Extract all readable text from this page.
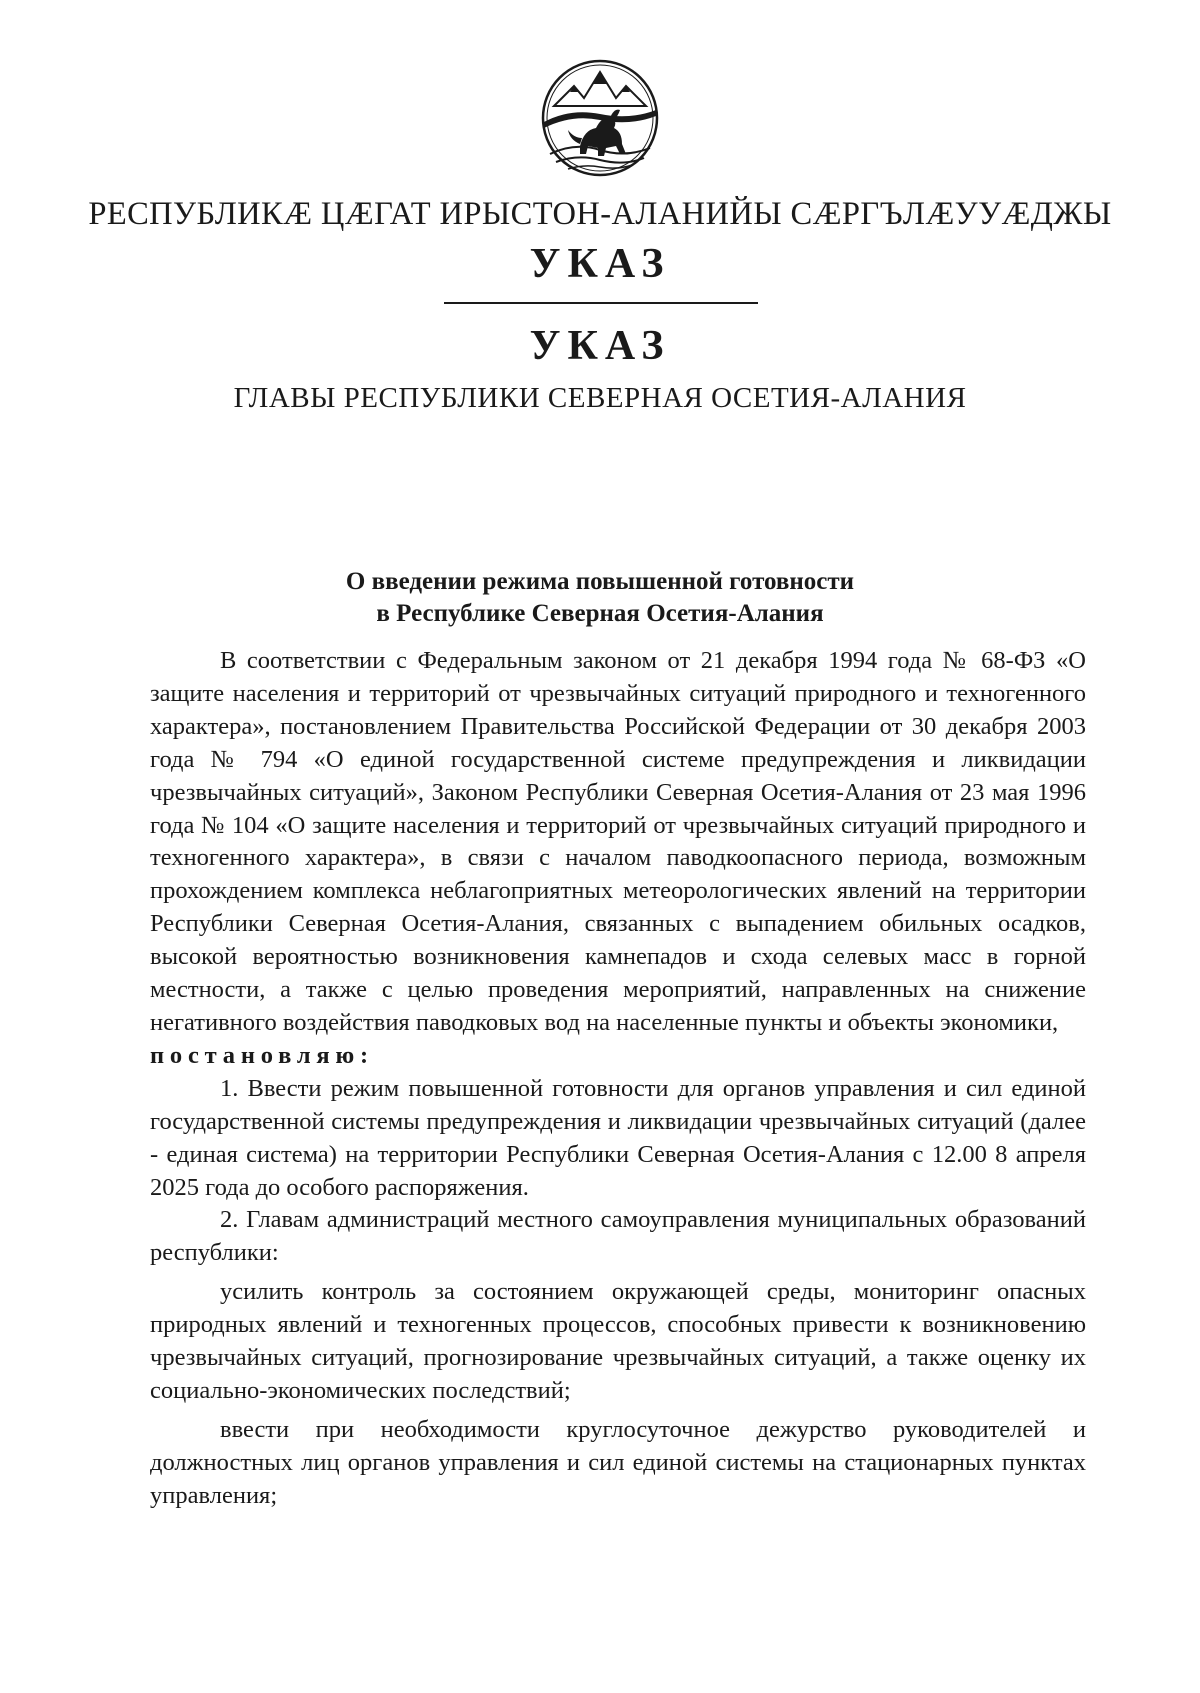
РЕСПУБЛИКӔ ЦӔГАТ ИРЫСТОН-АЛАНИЙЫ СӔРГЪЛӔУУӔДЖЫ
УКАЗ
УКАЗ
ГЛАВЫ РЕСПУБЛИКИ СЕВЕРНАЯ ОСЕТИЯ-АЛАНИЯ
О введении режима повышенной готовности
в Республике Северная Осетия-Алания

В соответствии с Федеральным законом от 21 декабря 1994 года № 68-ФЗ «О защите населения и территорий от чрезвычайных ситуаций природного и техногенного характера», постановлением Правительства Российской Федерации от 30 декабря 2003 года № 794 «О единой государственной системе предупреждения и ликвидации чрезвычайных ситуаций», Законом Республики Северная Осетия-Алания от 23 мая 1996 года № 104 «О защите населения и территорий от чрезвычайных ситуаций природного и техногенного характера», в связи с началом паводкоопасного периода, возможным прохождением комплекса неблагоприятных метеорологических явлений на территории Республики Северная Осетия-Алания, связанных с выпадением обильных осадков, высокой вероятностью возникновения камнепадов и схода селевых масс в горной местности, а также с целью проведения мероприятий, направленных на снижение негативного воздействия паводковых вод на населенные пункты и объекты экономики,

постановляю:

1. Ввести режим повышенной готовности для органов управления и сил единой государственной системы предупреждения и ликвидации чрезвычайных ситуаций (далее - единая система) на территории Республики Северная Осетия-Алания с 12.00 8 апреля 2025 года до особого распоряжения.

2. Главам администраций местного самоуправления муниципальных образований республики:

усилить контроль за состоянием окружающей среды, мониторинг опасных природных явлений и техногенных процессов, способных привести к возникновению чрезвычайных ситуаций, прогнозирование чрезвычайных ситуаций, а также оценку их социально-экономических последствий;

ввести при необходимости круглосуточное дежурство руководителей и должностных лиц органов управления и сил единой системы на стационарных пунктах управления;
